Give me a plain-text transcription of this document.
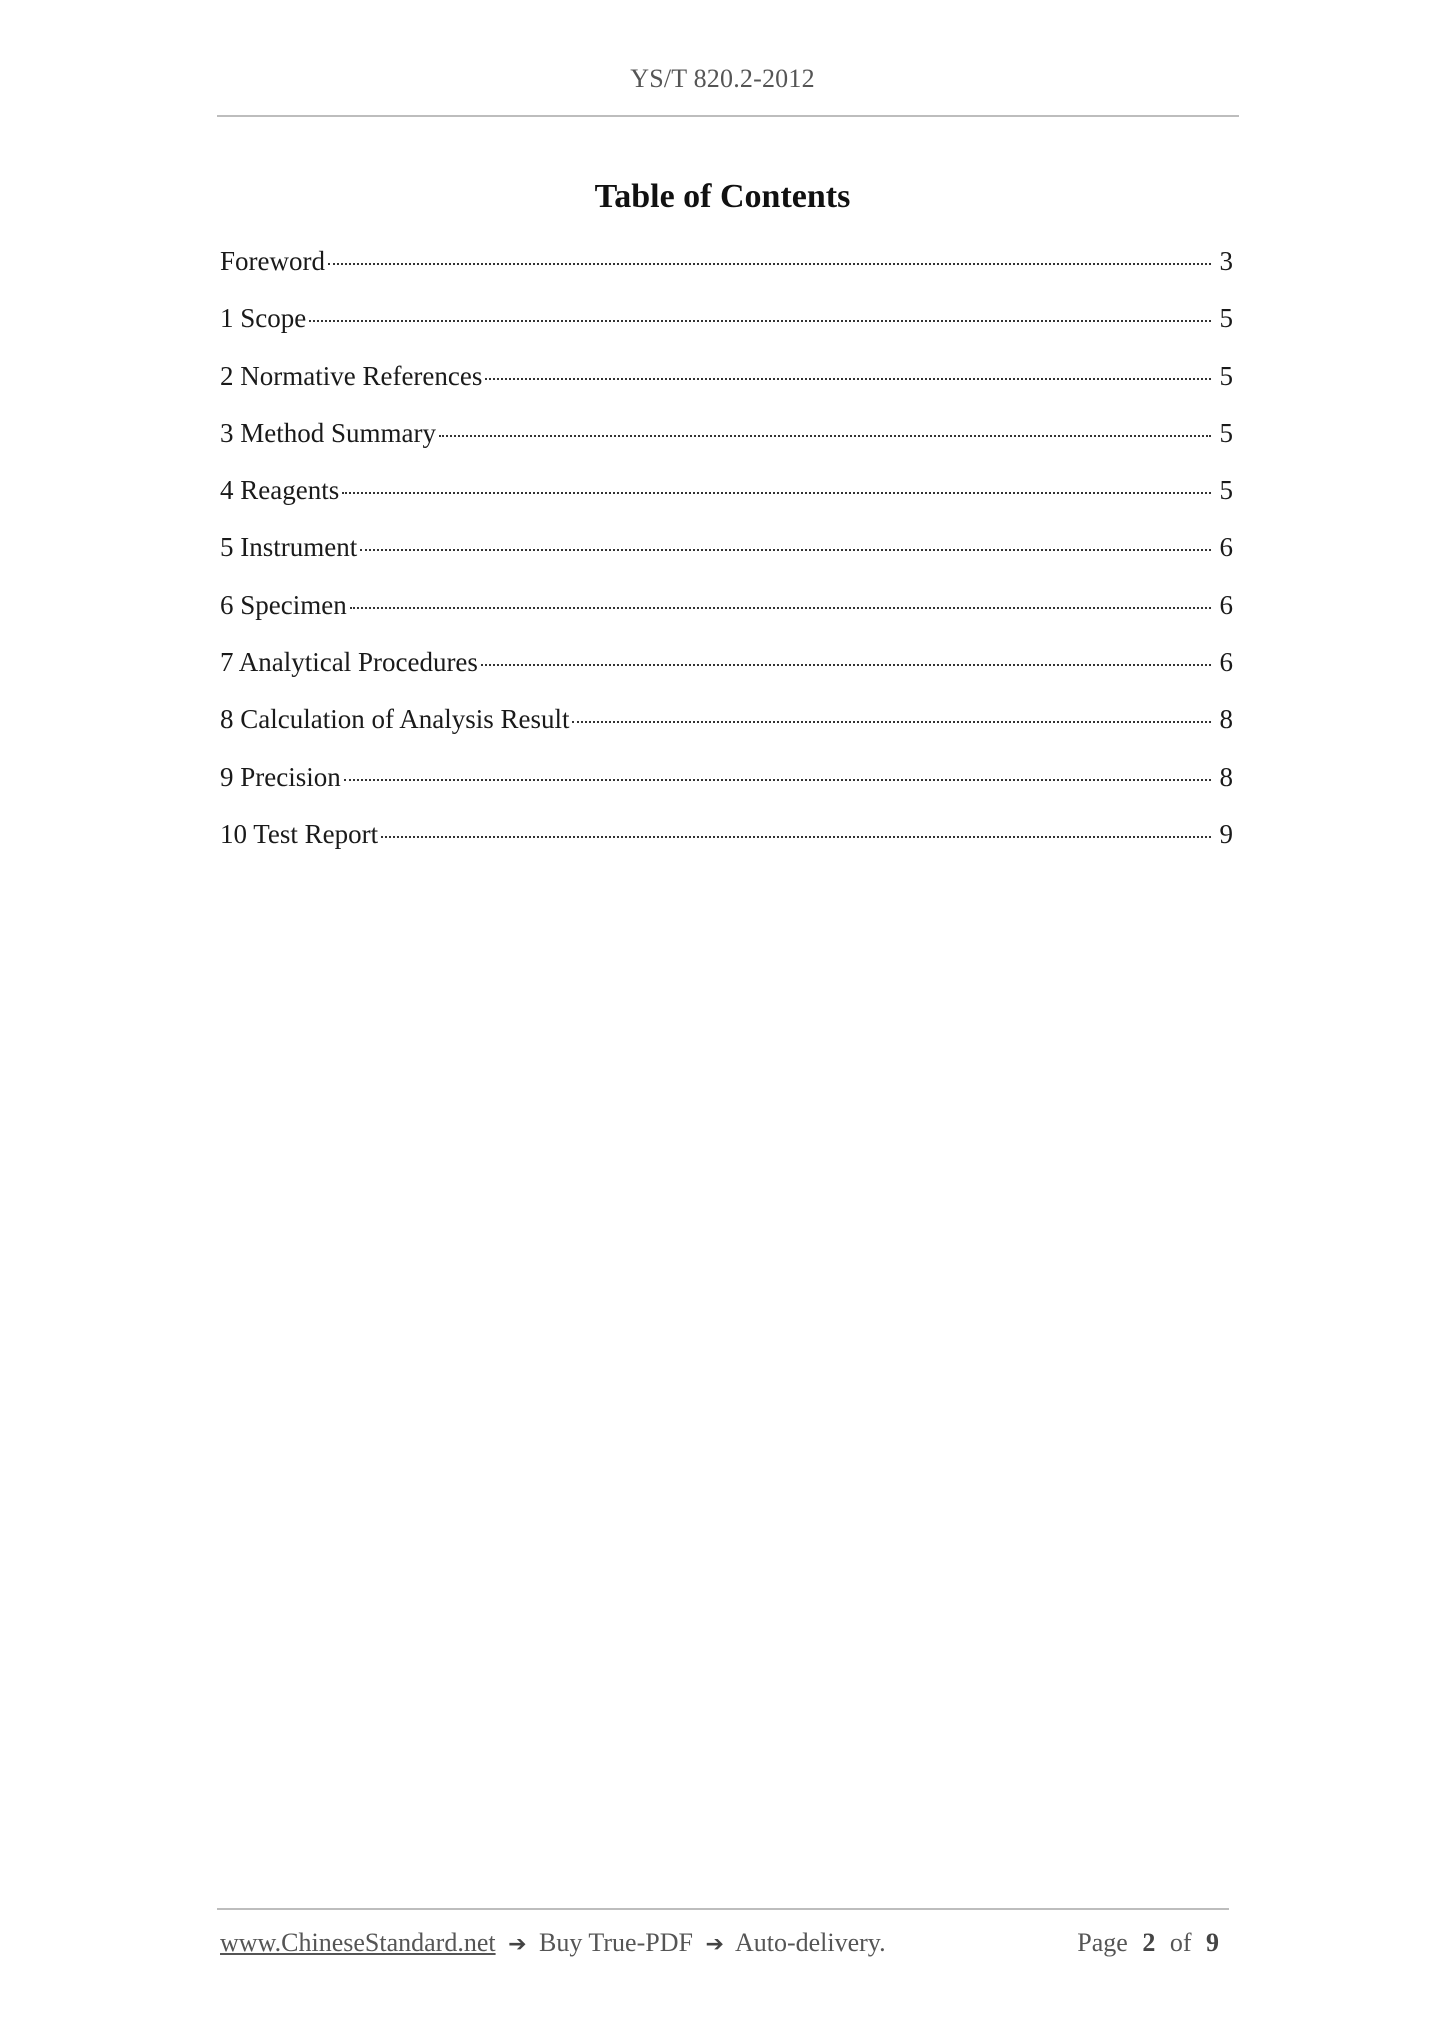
YS/T 820.2-2012
Table of Contents
Foreword	3
1 Scope	5
2 Normative References	5
3 Method Summary	5
4 Reagents	5
5 Instrument	6
6 Specimen	6
7 Analytical Procedures	6
8 Calculation of Analysis Result	8
9 Precision	8
10 Test Report	9
www.ChineseStandard.net ➔ Buy True-PDF ➔ Auto-delivery.	Page 2 of 9
